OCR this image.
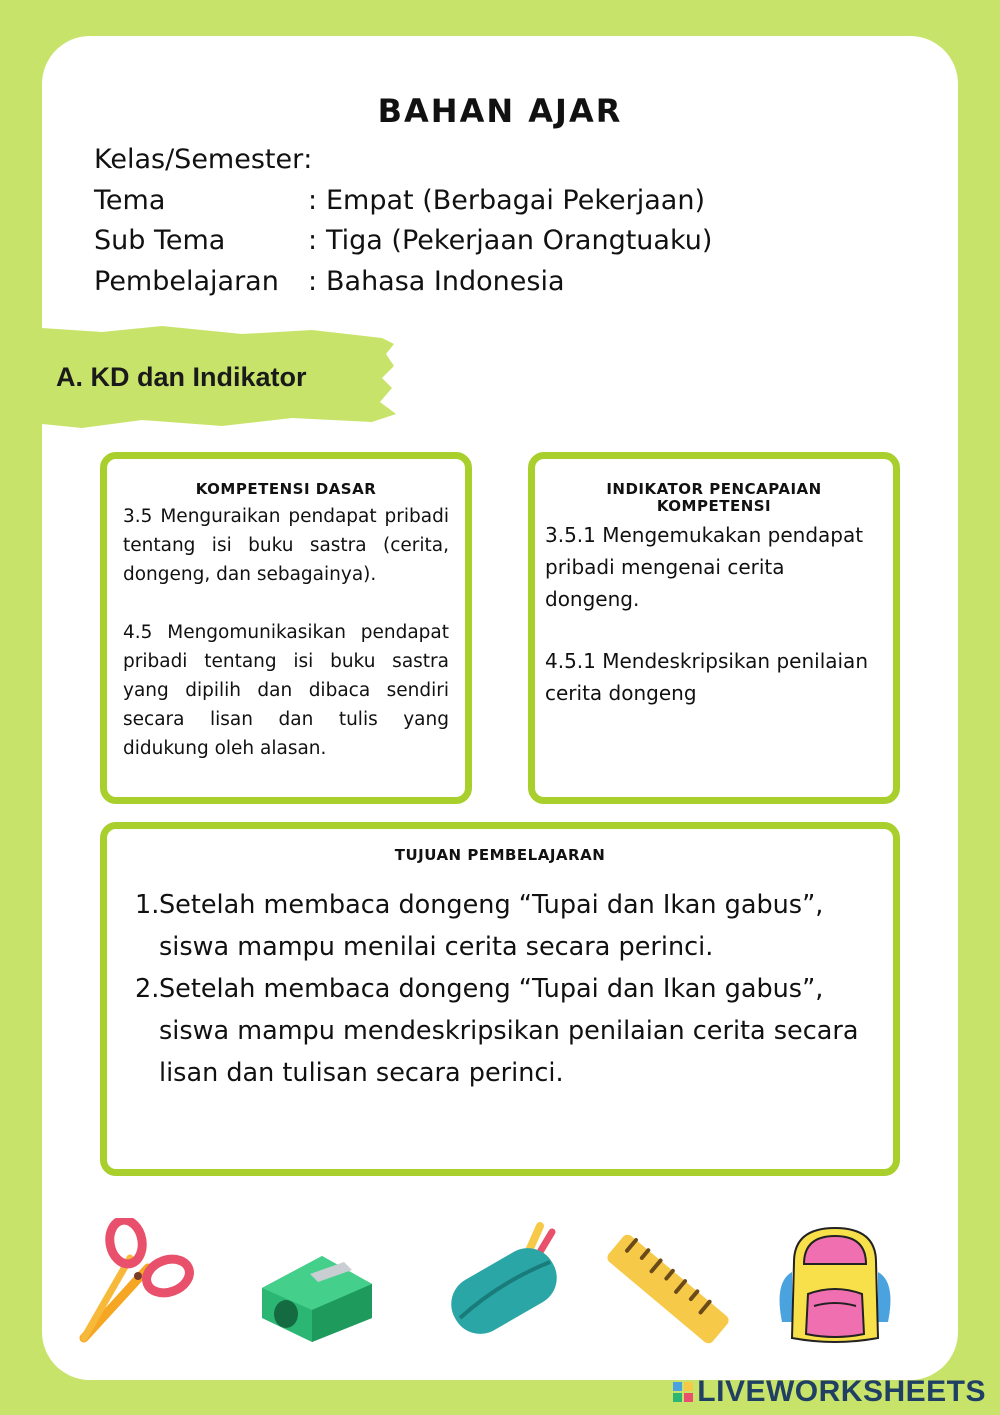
BAHAN AJAR
Kelas/Semester :
Tema	: Empat (Berbagai Pekerjaan)
Sub Tema	: Tiga (Pekerjaan Orangtuaku)
Pembelajaran	: Bahasa Indonesia
A. KD dan Indikator
KOMPETENSI DASAR

3.5 Menguraikan pendapat pribadi tentang isi buku sastra (cerita, dongeng, dan sebagainya).

4.5 Mengomunikasikan pendapat pribadi tentang isi buku sastra yang dipilih dan dibaca sendiri secara lisan dan tulis yang didukung oleh alasan.

INDIKATOR PENCAPAIAN KOMPETENSI

3.5.1 Mengemukakan pendapat pribadi mengenai cerita dongeng.

4.5.1 Mendeskripsikan penilaian cerita dongeng

TUJUAN PEMBELAJARAN
1. Setelah membaca dongeng “Tupai dan Ikan gabus”, siswa mampu menilai cerita secara perinci.
2. Setelah membaca dongeng “Tupai dan Ikan gabus”, siswa mampu mendeskripsikan penilaian cerita secara lisan dan tulisan secara perinci.
LIVEWORKSHEETS
